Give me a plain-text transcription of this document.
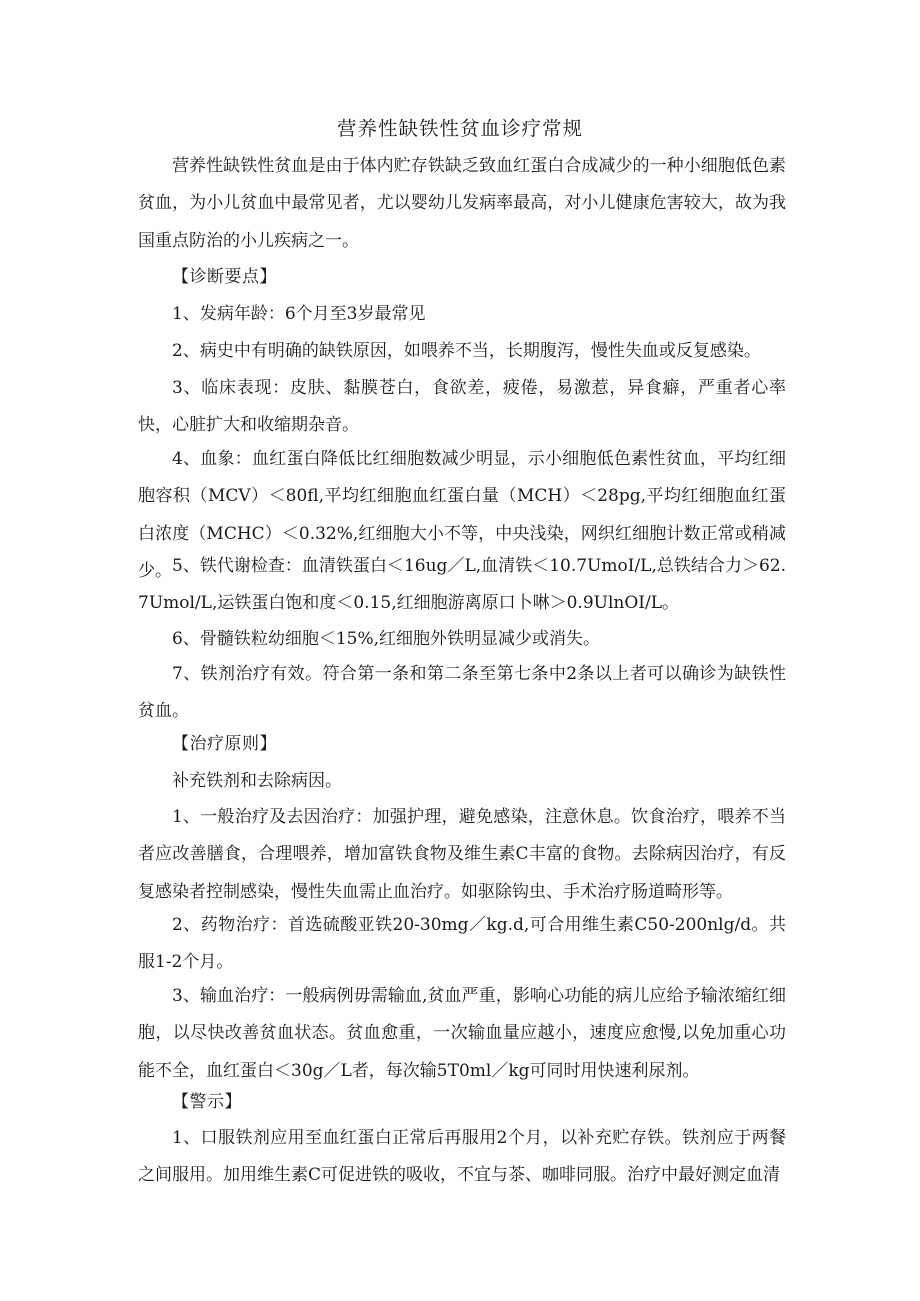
营养性缺铁性贫血诊疗常规

营养性缺铁性贫血是由于体内贮存铁缺乏致血红蛋白合成减少的一种小细胞低色素贫血，为小儿贫血中最常见者，尤以婴幼儿发病率最高，对小儿健康危害较大，故为我国重点防治的小儿疾病之一。

【诊断要点】

1、发病年龄：6个月至3岁最常见

2、病史中有明确的缺铁原因，如喂养不当，长期腹泻，慢性失血或反复感染。

3、临床表现：皮肤、黏膜苍白，食欲差，疲倦，易激惹，异食癖，严重者心率快，心脏扩大和收缩期杂音。

4、血象：血红蛋白降低比红细胞数减少明显，示小细胞低色素性贫血，平均红细胞容积（MCV）＜80fl,平均红细胞血红蛋白量（MCH）＜28pg,平均红细胞血红蛋白浓度（MCHC）＜0.32%,红细胞大小不等，中央浅染，网织红细胞计数正常或稍减少。 5、铁代谢检查：血清铁蛋白＜16ug／L,血清铁＜10.7UmoI/L,总铁结合力＞62.7Umol/L,运铁蛋白饱和度＜0.15,红细胞游离原口卜啉＞0.9UlnOI/L。

6、骨髓铁粒幼细胞＜15%,红细胞外铁明显减少或消失。

7、铁剂治疗有效。符合第一条和第二条至第七条中2条以上者可以确诊为缺铁性贫血。

【治疗原则】

补充铁剂和去除病因。

1、一般治疗及去因治疗：加强护理，避免感染，注意休息。饮食治疗，喂养不当者应改善膳食，合理喂养，增加富铁食物及维生素C丰富的食物。去除病因治疗，有反复感染者控制感染，慢性失血需止血治疗。如驱除钩虫、手术治疗肠道畸形等。

2、药物治疗：首选硫酸亚铁20-30mg／kg.d,可合用维生素C50-200nlg/d。共服1-2个月。

3、输血治疗：一般病例毋需输血,贫血严重，影响心功能的病儿应给予输浓缩红细胞，以尽快改善贫血状态。贫血愈重，一次输血量应越小，速度应愈慢,以免加重心功能不全，血红蛋白＜30g／L者，每次输5T0ml／kg可同时用快速利尿剂。

【警示】

1、口服铁剂应用至血红蛋白正常后再服用2个月，以补充贮存铁。铁剂应于两餐之间服用。加用维生素C可促进铁的吸收，不宜与茶、咖啡同服。治疗中最好测定血清
